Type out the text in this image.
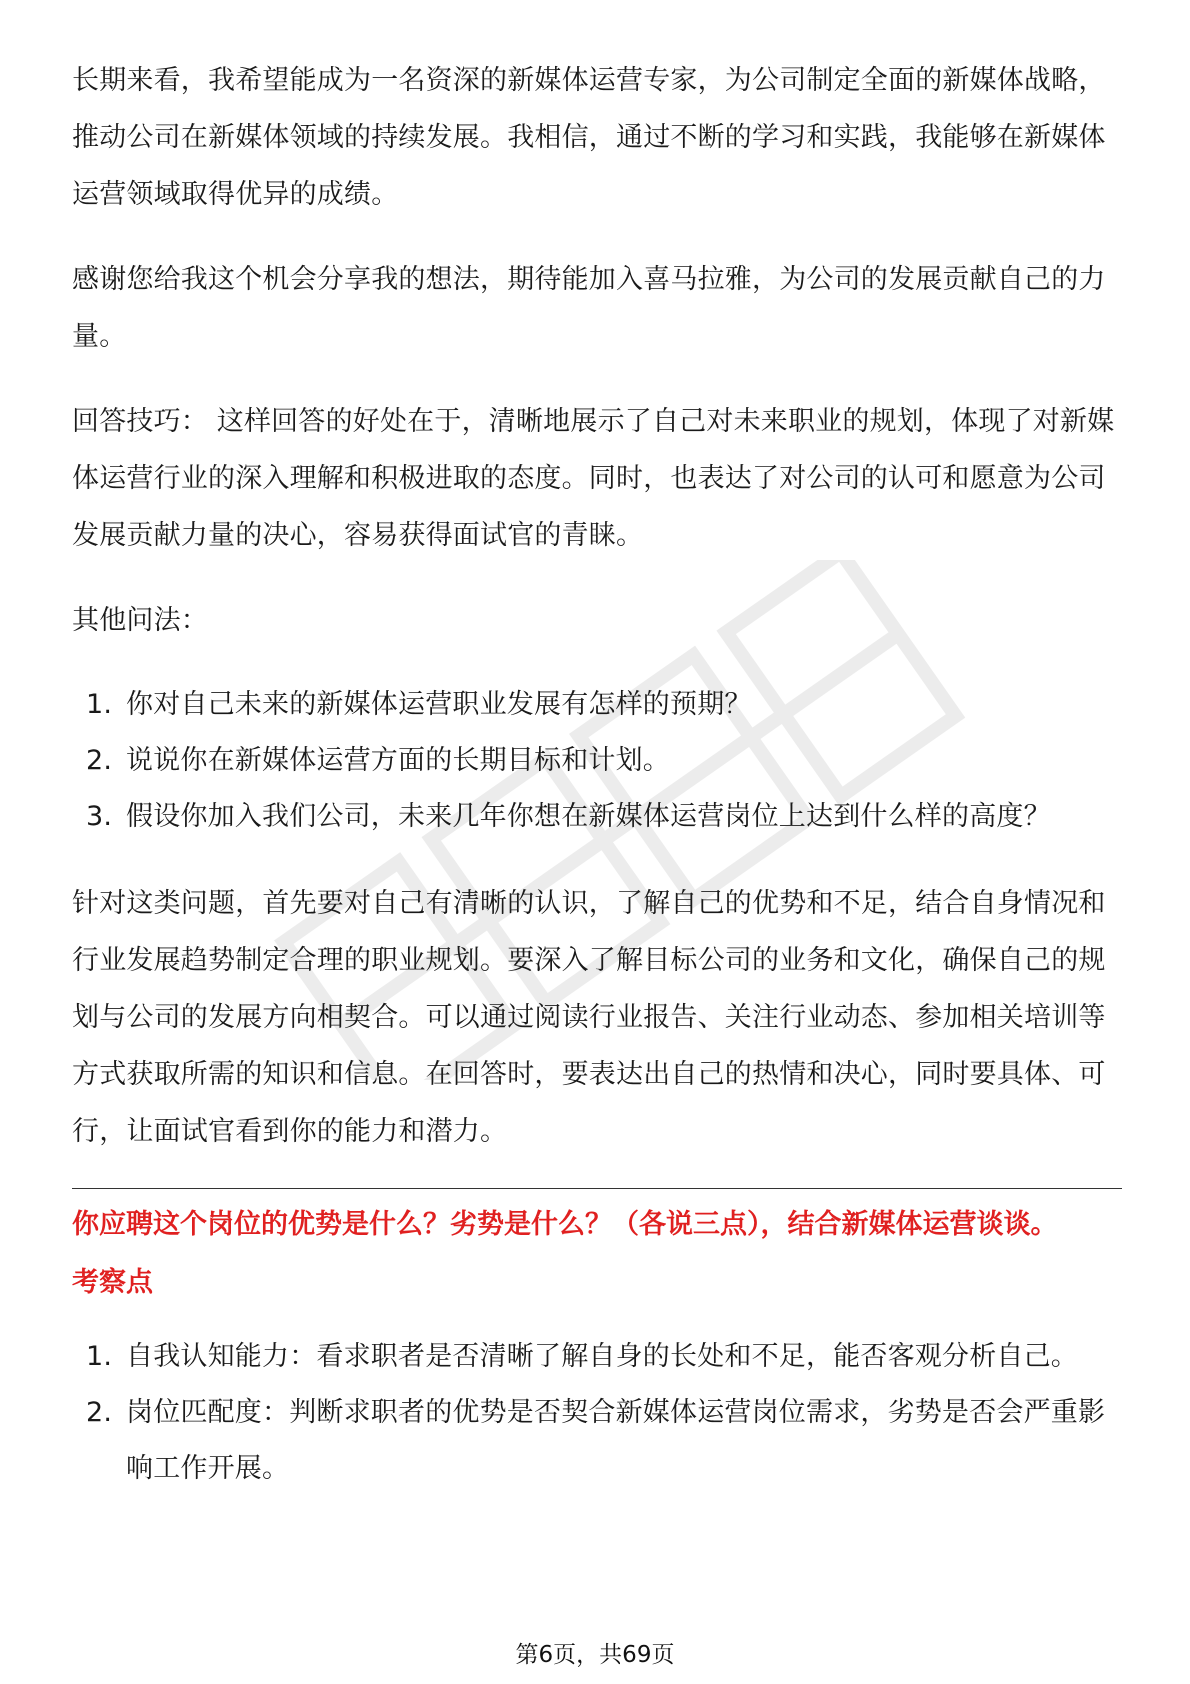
长期来看，我希望能成为一名资深的新媒体运营专家，为公司制定全面的新媒体战略，推动公司在新媒体领域的持续发展。我相信，通过不断的学习和实践，我能够在新媒体运营领域取得优异的成绩。

感谢您给我这个机会分享我的想法，期待能加入喜马拉雅，为公司的发展贡献自己的力量。

回答技巧： 这样回答的好处在于，清晰地展示了自己对未来职业的规划，体现了对新媒体运营行业的深入理解和积极进取的态度。同时，也表达了对公司的认可和愿意为公司发展贡献力量的决心，容易获得面试官的青睐。

其他问法：

1. 你对自己未来的新媒体运营职业发展有怎样的预期？
2. 说说你在新媒体运营方面的长期目标和计划。
3. 假设你加入我们公司，未来几年你想在新媒体运营岗位上达到什么样的高度？

针对这类问题，首先要对自己有清晰的认识，了解自己的优势和不足，结合自身情况和行业发展趋势制定合理的职业规划。要深入了解目标公司的业务和文化，确保自己的规划与公司的发展方向相契合。可以通过阅读行业报告、关注行业动态、参加相关培训等方式获取所需的知识和信息。在回答时，要表达出自己的热情和决心，同时要具体、可行，让面试官看到你的能力和潜力。

你应聘这个岗位的优势是什么？劣势是什么？（各说三点），结合新媒体运营谈谈。
考察点
1. 自我认知能力：看求职者是否清晰了解自身的长处和不足，能否客观分析自己。
2. 岗位匹配度：判断求职者的优势是否契合新媒体运营岗位需求，劣势是否会严重影响工作开展。
第6页，共69页
